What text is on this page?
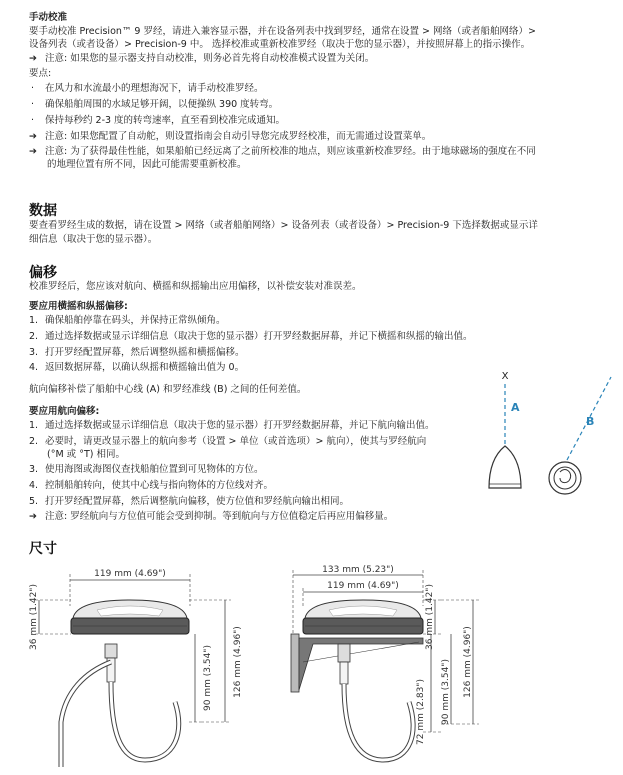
手动校准
要手动校准 Precision™ 9 罗经，请进入兼容显示器，并在设备列表中找到罗经，通常在设置 > 网络（或者船舶网络）>
设备列表（或者设备）> Precision-9 中。 选择校准或重新校准罗经（取决于您的显示器），并按照屏幕上的指示操作。
➔ 注意: 如果您的显示器支持自动校准，则务必首先将自动校准模式设置为关闭。
要点:
· 在风力和水流最小的理想海况下，请手动校准罗经。
· 确保船舶周围的水域足够开阔，以便操纵 390 度转弯。
· 保持每秒约 2-3 度的转弯速率，直至看到校准完成通知。
➔ 注意: 如果您配置了自动舵，则设置指南会自动引导您完成罗经校准，而无需通过设置菜单。
➔ 注意: 为了获得最佳性能，如果船舶已经远离了之前所校准的地点，则应该重新校准罗经。由于地球磁场的强度在不同
的地理位置有所不同，因此可能需要重新校准。
数据
要查看罗经生成的数据，请在设置 > 网络（或者船舶网络）> 设备列表（或者设备）> Precision-9 下选择数据或显示详
细信息（取决于您的显示器）。
偏移
校准罗经后，您应该对航向、横摇和纵摇输出应用偏移，以补偿安装对准误差。
要应用横摇和纵摇偏移:
1. 确保船舶停靠在码头，并保持正常纵倾角。
2. 通过选择数据或显示详细信息（取决于您的显示器）打开罗经数据屏幕，并记下横摇和纵摇的输出值。
3. 打开罗经配置屏幕，然后调整纵摇和横摇偏移。
4. 返回数据屏幕，以确认纵摇和横摇输出值为 0。
航向偏移补偿了船舶中心线 (A) 和罗经准线 (B) 之间的任何差值。
要应用航向偏移:
1. 通过选择数据或显示详细信息（取决于您的显示器）打开罗经数据屏幕，并记下航向输出值。
2. 必要时，请更改显示器上的航向参考（设置 > 单位（或首选项）> 航向），使其与罗经航向
(°M 或 °T) 相同。
3. 使用海图或海图仪查找船舶位置到可见物体的方位。
4. 控制船舶转向，使其中心线与指向物体的方位线对齐。
5. 打开罗经配置屏幕，然后调整航向偏移，使方位值和罗经航向输出相同。
➔ 注意: 罗经航向与方位值可能会受到抑制。等到航向与方位值稳定后再应用偏移量。
X
A
B
尺寸
119 mm (4.69")
36 mm (1.42")
90 mm (3.54") 126 mm (4.96")
133 mm (5.23")
119 mm (4.69")	36 mm (1.42")
72 mm (2.83") 90 mm (3.54") 126 mm (4.96")
